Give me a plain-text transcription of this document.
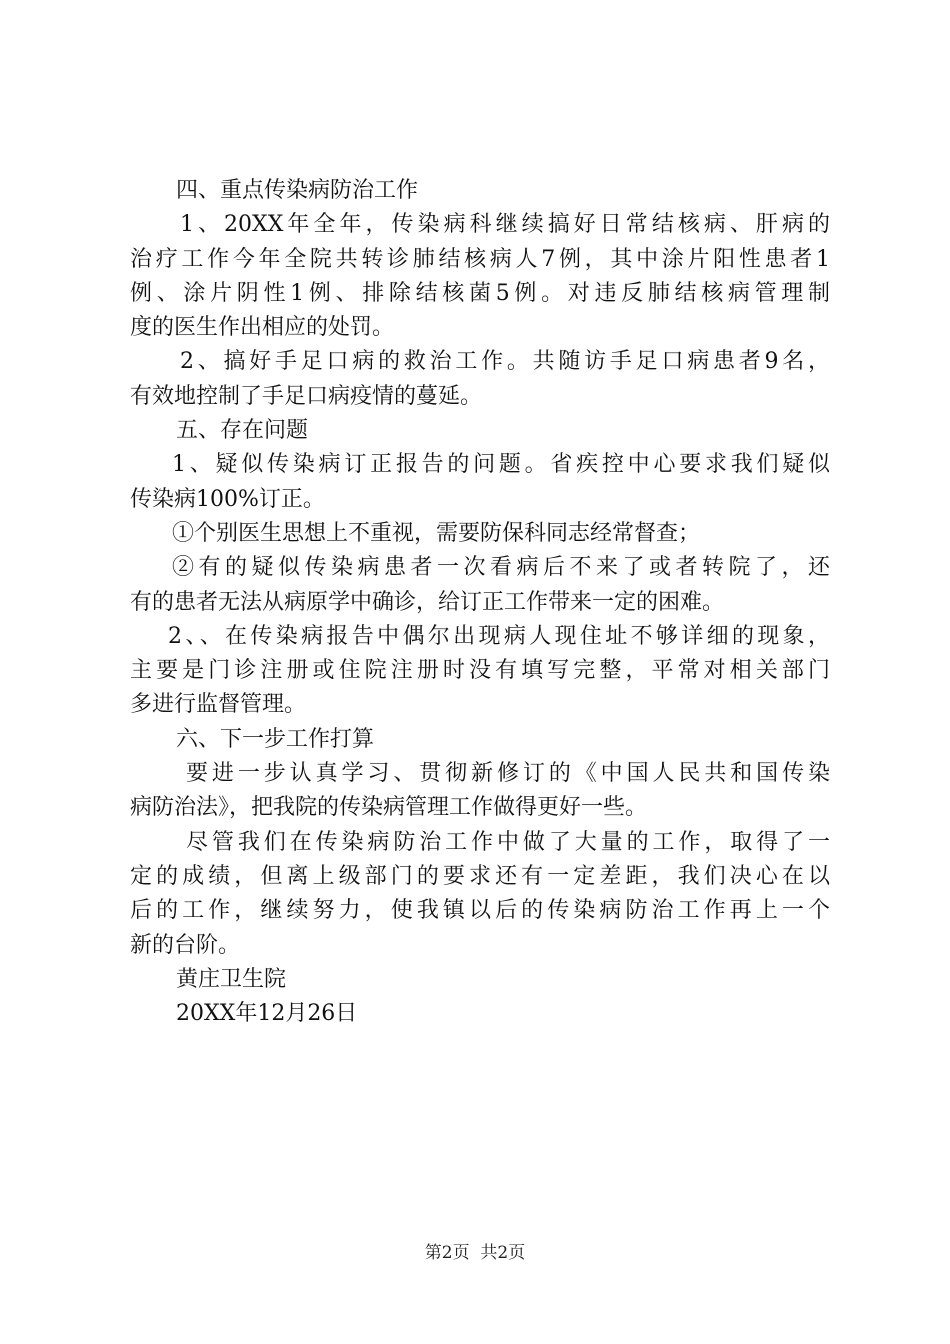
四、重点传染病防治工作
1、20XX年全年，传染病科继续搞好日常结核病、肝病的
治疗工作今年全院共转诊肺结核病人7例，其中涂片阳性患者1
例、涂片阴性1例、排除结核菌5例。对违反肺结核病管理制
度的医生作出相应的处罚。
2、搞好手足口病的救治工作。共随访手足口病患者9名，
有效地控制了手足口病疫情的蔓延。
五、存在问题
1、疑似传染病订正报告的问题。省疾控中心要求我们疑似
传染病100%订正。
①个别医生思想上不重视，需要防保科同志经常督查；
②有的疑似传染病患者一次看病后不来了或者转院了，还
有的患者无法从病原学中确诊，给订正工作带来一定的困难。
2、、在传染病报告中偶尔出现病人现住址不够详细的现象，
主要是门诊注册或住院注册时没有填写完整，平常对相关部门
多进行监督管理。
六、下一步工作打算
要进一步认真学习、贯彻新修订的《中国人民共和国传染
病防治法》，把我院的传染病管理工作做得更好一些。
尽管我们在传染病防治工作中做了大量的工作，取得了一
定的成绩，但离上级部门的要求还有一定差距，我们决心在以
后的工作，继续努力，使我镇以后的传染病防治工作再上一个
新的台阶。
黄庄卫生院
20XX年12月26日
第2页  共2页
